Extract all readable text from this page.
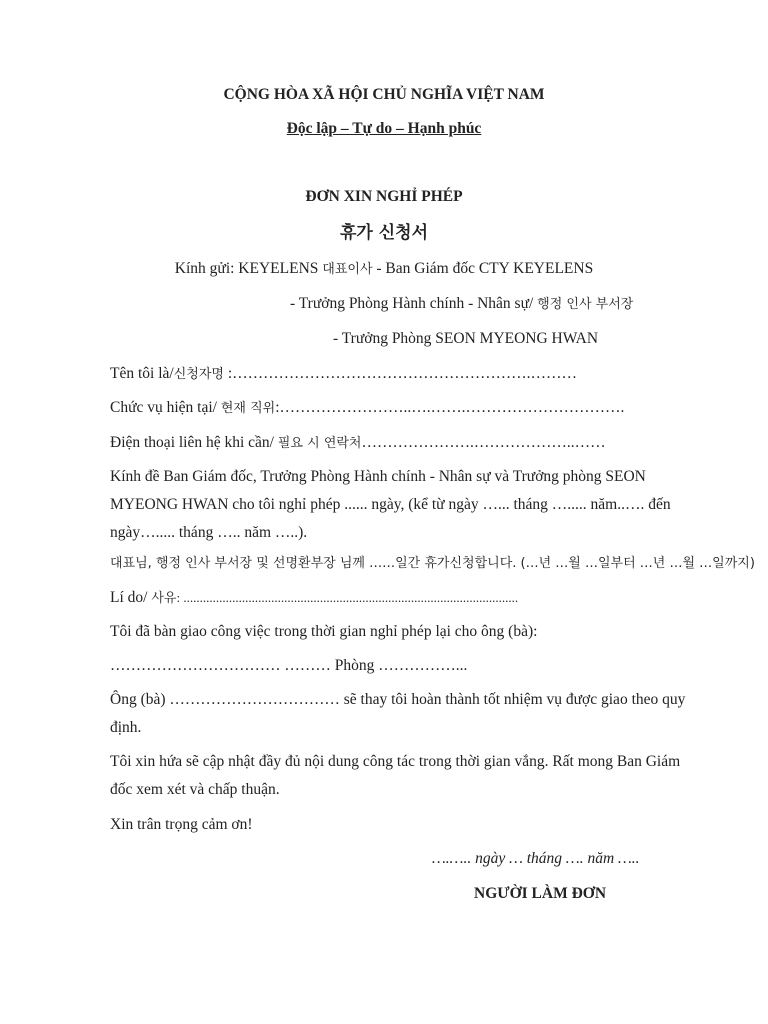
CỘNG HÒA XÃ HỘI CHỦ NGHĨA VIỆT NAM
Độc lập – Tự do – Hạnh phúc
ĐƠN XIN NGHỈ PHÉP
휴가 신청서
Kính gửi: KEYELENS 대표이사 - Ban Giám đốc CTY KEYELENS
- Trưởng Phòng Hành chính - Nhân sự/ 행정 인사 부서장
- Trưởng Phòng SEON MYEONG HWAN
Tên tôi là/신청자명 :………………………………………………….………
Chức vụ hiện tại/ 현재 직위:……………………..….…….………………………….
Điện thoại liên hệ khi cần/ 필요 시 연락처………………….………………..……
Kính đề Ban Giám đốc, Trưởng Phòng Hành chính - Nhân sự và Trưởng phòng SEON MYEONG HWAN cho tôi nghỉ phép ...... ngày, (kể từ ngày …... tháng …..... năm..…. đến ngày…..... tháng ….. năm …..).
대표님, 행정 인사 부서장 및 선명환부장 님께 ……일간 휴가신청합니다. (…년 …월 …일부터 …년 …월 …일까지)
Lí do/ 사유: .......................................................................................................
Tôi đã bàn giao công việc trong thời gian nghỉ phép lại cho ông (bà):
…………………………… ……… Phòng ……………...
Ông (bà) …………………………… sẽ thay tôi hoàn thành tốt nhiệm vụ được giao theo quy định.
Tôi xin hứa sẽ cập nhật đầy đủ nội dung công tác trong thời gian vắng. Rất mong Ban Giám đốc xem xét và chấp thuận.
Xin trân trọng cảm ơn!
….….. ngày … tháng …. năm …..
NGƯỜI LÀM ĐƠN
